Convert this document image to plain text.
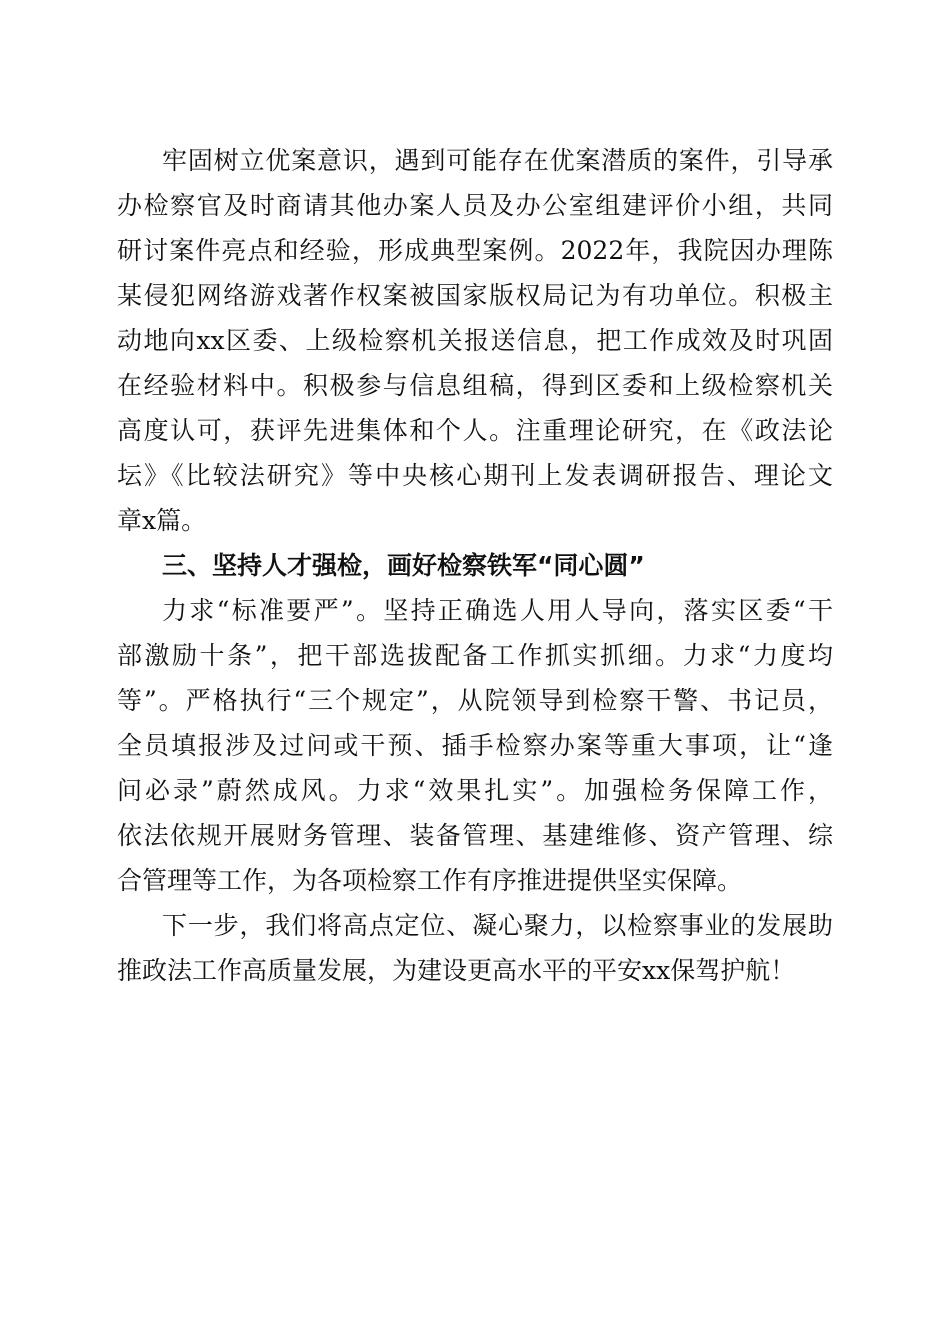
牢固树立优案意识，遇到可能存在优案潜质的案件，引导承
办检察官及时商请其他办案人员及办公室组建评价小组，共同
研讨案件亮点和经验，形成典型案例。2022年，我院因办理陈
某侵犯网络游戏著作权案被国家版权局记为有功单位。积极主
动地向xx区委、上级检察机关报送信息，把工作成效及时巩固
在经验材料中。积极参与信息组稿，得到区委和上级检察机关
高度认可，获评先进集体和个人。注重理论研究，在《政法论
坛》《比较法研究》等中央核心期刊上发表调研报告、理论文
章x篇。
三、坚持人才强检，画好检察铁军“同心圆”
力求“标准要严”。坚持正确选人用人导向，落实区委“干
部激励十条”，把干部选拔配备工作抓实抓细。力求“力度均
等”。严格执行“三个规定”，从院领导到检察干警、书记员，
全员填报涉及过问或干预、插手检察办案等重大事项，让“逢
问必录”蔚然成风。力求“效果扎实”。加强检务保障工作，
依法依规开展财务管理、装备管理、基建维修、资产管理、综
合管理等工作，为各项检察工作有序推进提供坚实保障。
下一步，我们将高点定位、凝心聚力，以检察事业的发展助
推政法工作高质量发展，为建设更高水平的平安xx保驾护航！
